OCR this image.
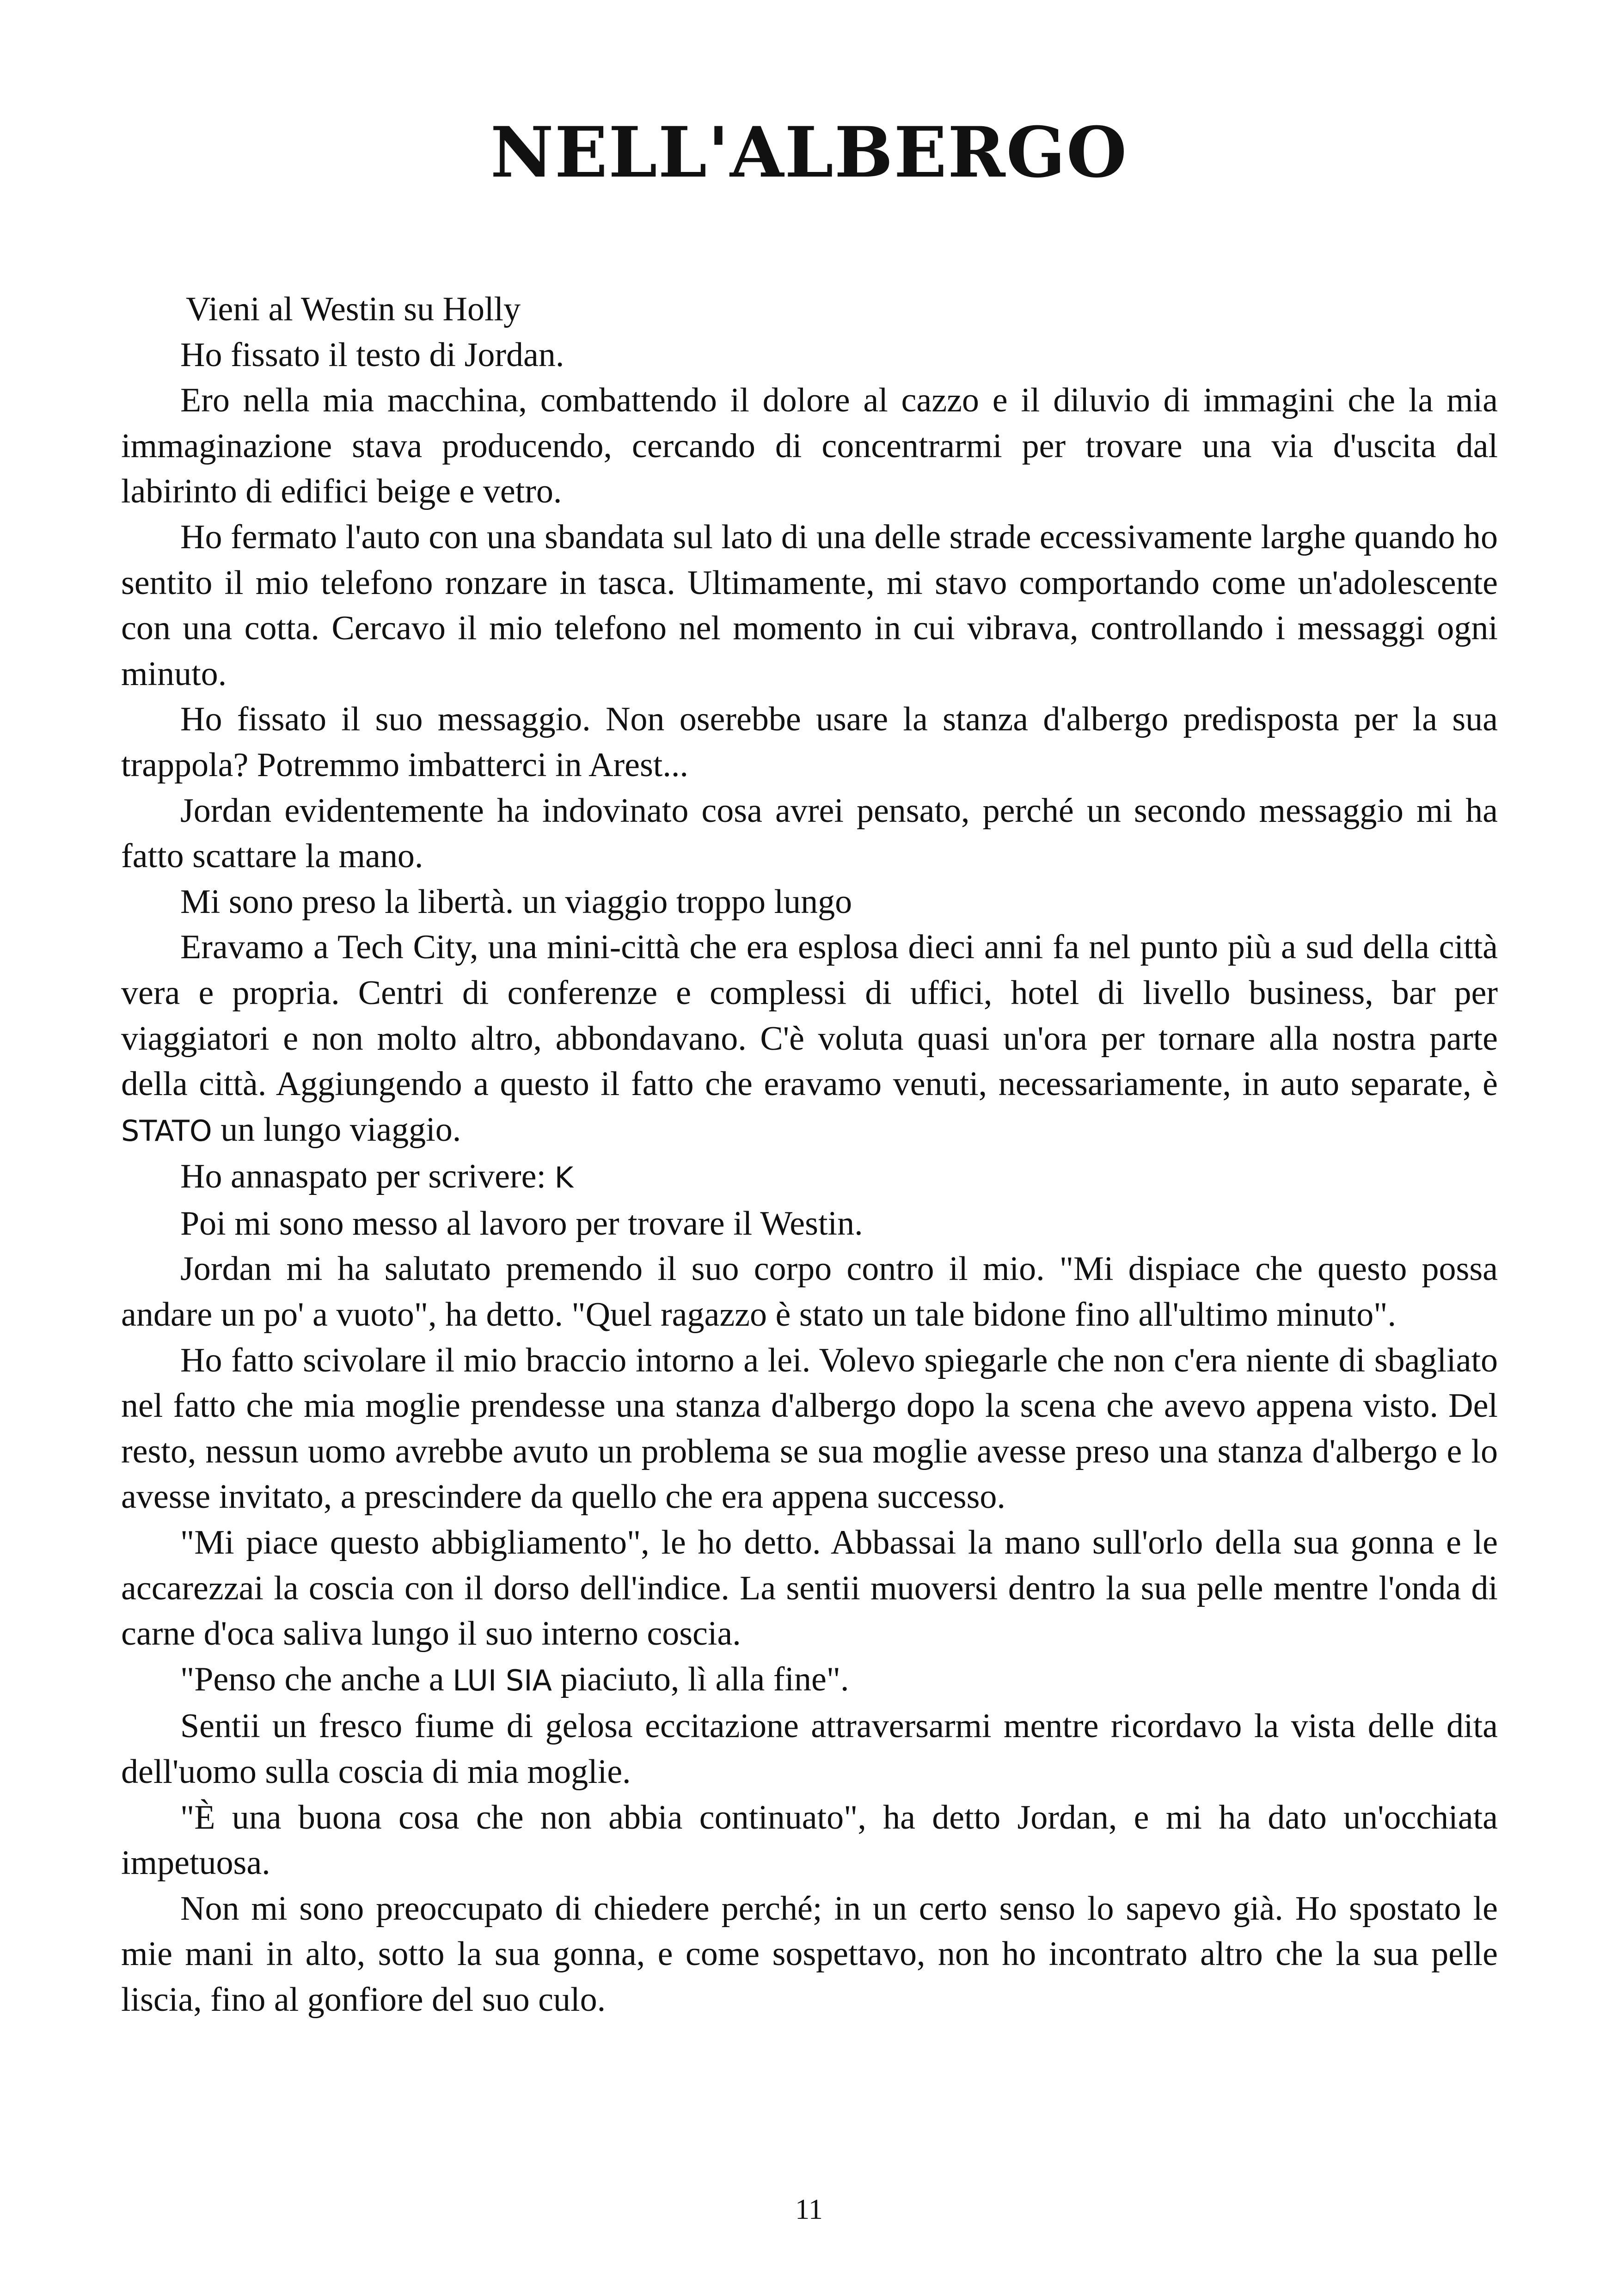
NELL'ALBERGO

Vieni al Westin su Holly

Ho fissato il testo di Jordan.

Ero nella mia macchina, combattendo il dolore al cazzo e il diluvio di immagini che la mia immaginazione stava producendo, cercando di concentrarmi per trovare una via d'uscita dal labirinto di edifici beige e vetro.

Ho fermato l'auto con una sbandata sul lato di una delle strade eccessivamente larghe quando ho sentito il mio telefono ronzare in tasca. Ultimamente, mi stavo comportando come un'adolescente con una cotta. Cercavo il mio telefono nel momento in cui vibrava, controllando i messaggi ogni minuto.

Ho fissato il suo messaggio. Non oserebbe usare la stanza d'albergo predisposta per la sua trappola? Potremmo imbatterci in Arest...

Jordan evidentemente ha indovinato cosa avrei pensato, perché un secondo messaggio mi ha fatto scattare la mano.

Mi sono preso la libertà. un viaggio troppo lungo

Eravamo a Tech City, una mini-città che era esplosa dieci anni fa nel punto più a sud della città vera e propria. Centri di conferenze e complessi di uffici, hotel di livello business, bar per viaggiatori e non molto altro, abbondavano. C'è voluta quasi un'ora per tornare alla nostra parte della città. Aggiungendo a questo il fatto che eravamo venuti, necessariamente, in auto separate, è STATO un lungo viaggio.

Ho annaspato per scrivere: K

Poi mi sono messo al lavoro per trovare il Westin.

Jordan mi ha salutato premendo il suo corpo contro il mio. "Mi dispiace che questo possa andare un po' a vuoto", ha detto. "Quel ragazzo è stato un tale bidone fino all'ultimo minuto".

Ho fatto scivolare il mio braccio intorno a lei. Volevo spiegarle che non c'era niente di sbagliato nel fatto che mia moglie prendesse una stanza d'albergo dopo la scena che avevo appena visto. Del resto, nessun uomo avrebbe avuto un problema se sua moglie avesse preso una stanza d'albergo e lo avesse invitato, a prescindere da quello che era appena successo.

"Mi piace questo abbigliamento", le ho detto. Abbassai la mano sull'orlo della sua gonna e le accarezzai la coscia con il dorso dell'indice. La sentii muoversi dentro la sua pelle mentre l'onda di carne d'oca saliva lungo il suo interno coscia.

"Penso che anche a LUI SIA piaciuto, lì alla fine".

Sentii un fresco fiume di gelosa eccitazione attraversarmi mentre ricordavo la vista delle dita dell'uomo sulla coscia di mia moglie.

"È una buona cosa che non abbia continuato", ha detto Jordan, e mi ha dato un'occhiata impetuosa.

Non mi sono preoccupato di chiedere perché; in un certo senso lo sapevo già. Ho spostato le mie mani in alto, sotto la sua gonna, e come sospettavo, non ho incontrato altro che la sua pelle liscia, fino al gonfiore del suo culo.

11
